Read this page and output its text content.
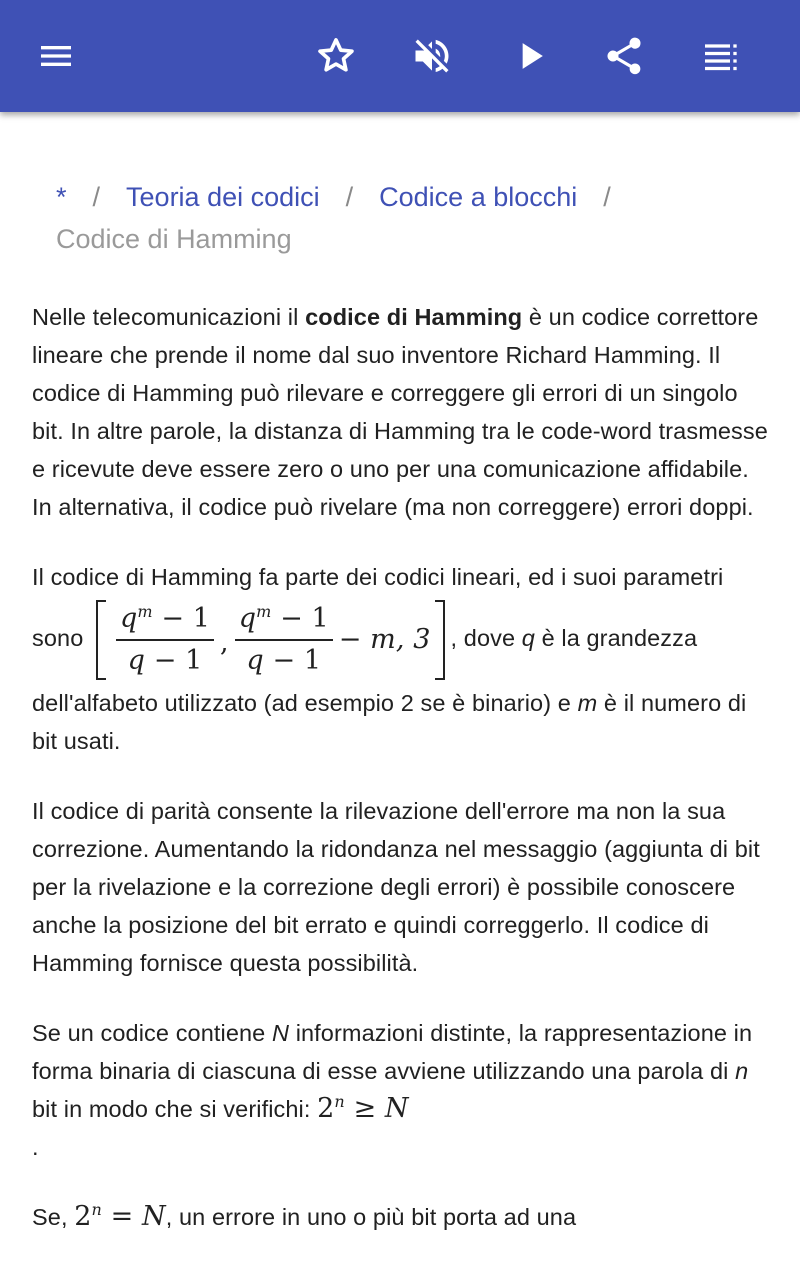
* / Teoria dei codici / Codice a blocchi /
Codice di Hamming

Nelle telecomunicazioni il codice di Hamming è un codice correttore lineare che prende il nome dal suo inventore Richard Hamming. Il codice di Hamming può rilevare e correggere gli errori di un singolo bit. In altre parole, la distanza di Hamming tra le code-word trasmesse e ricevute deve essere zero o uno per una comunicazione affidabile. In alternativa, il codice può rivelare (ma non correggere) errori doppi.

Il codice di Hamming fa parte dei codici lineari, ed i suoi parametri sono $\frac{q^m - 1}{q - 1}$ , $\frac{q^m - 1}{q - 1} - m$, 3 , dove q è la grandezza dell'alfabeto utilizzato (ad esempio 2 se è binario) e m è il numero di bit usati.

Il codice di parità consente la rilevazione dell'errore ma non la sua correzione. Aumentando la ridondanza nel messaggio (aggiunta di bit per la rivelazione e la correzione degli errori) è possibile conoscere anche la posizione del bit errato e quindi correggerlo. Il codice di Hamming fornisce questa possibilità.

Se un codice contiene N informazioni distinte, la rappresentazione in forma binaria di ciascuna di esse avviene utilizzando una parola di n bit in modo che si verifichi: $2^n \ge N$
.

Se, $2^n = N$, un errore in uno o più bit porta ad una
